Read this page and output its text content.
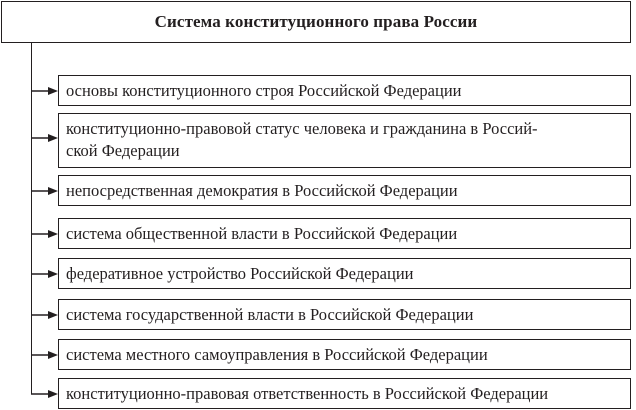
Система конституционного права России
основы конституционного строя Российской Федерации
конституционно-правовой статус человека и гражданина в Россий-
ской Федерации
непосредственная демократия в Российской Федерации
система общественной власти в Российской Федерации
федеративное устройство Российской Федерации
система государственной власти в Российской Федерации
система местного самоуправления в Российской Федерации
конституционно-правовая ответственность в Российской Федерации
